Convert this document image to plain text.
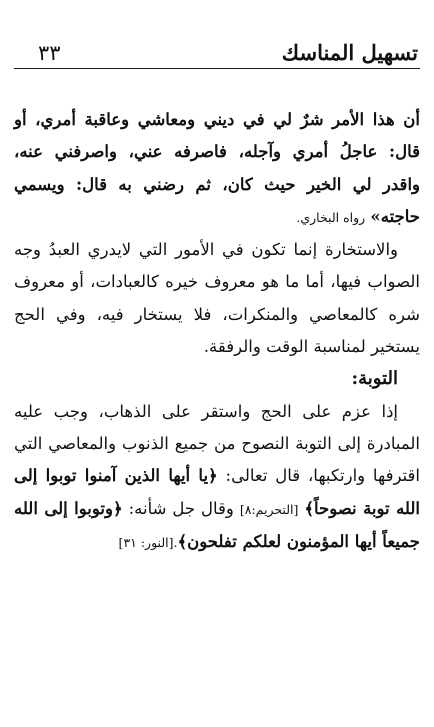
تسهيل المناسك
٣٣

أن هذا الأمر شرٌ لي في ديني ومعاشي وعاقبة أمري، أو قال: عاجلُ أمري وآجله، فاصرفه عني، واصرفني عنه، واقدر لي الخير حيث كان، ثم رضني به قال: ويسمي حاجته» رواه البخاري.

والاستخارة إنما تكون في الأمور التي لايدري العبدُ وجه الصواب فيها، أما ما هو معروف خيره كالعبادات، أو معروف شره كالمعاصي والمنكرات، فلا يستخار فيه، وفي الحج يستخير لمناسبة الوقت والرفقة.

التوبة:

إذا عزم على الحج واستقر على الذهاب، وجب عليه المبادرة إلى التوبة النصوح من جميع الذنوب والمعاصي التي اقترفها وارتكبها، قال تعالى: ﴿يا أيها الذين آمنوا توبوا إلى الله توبة نصوحاً﴾ [التحريم:٨] وقال جل شأنه: ﴿وتوبوا إلى الله جميعاً أيها المؤمنون لعلكم تفلحون﴾.[النور: ٣١]
